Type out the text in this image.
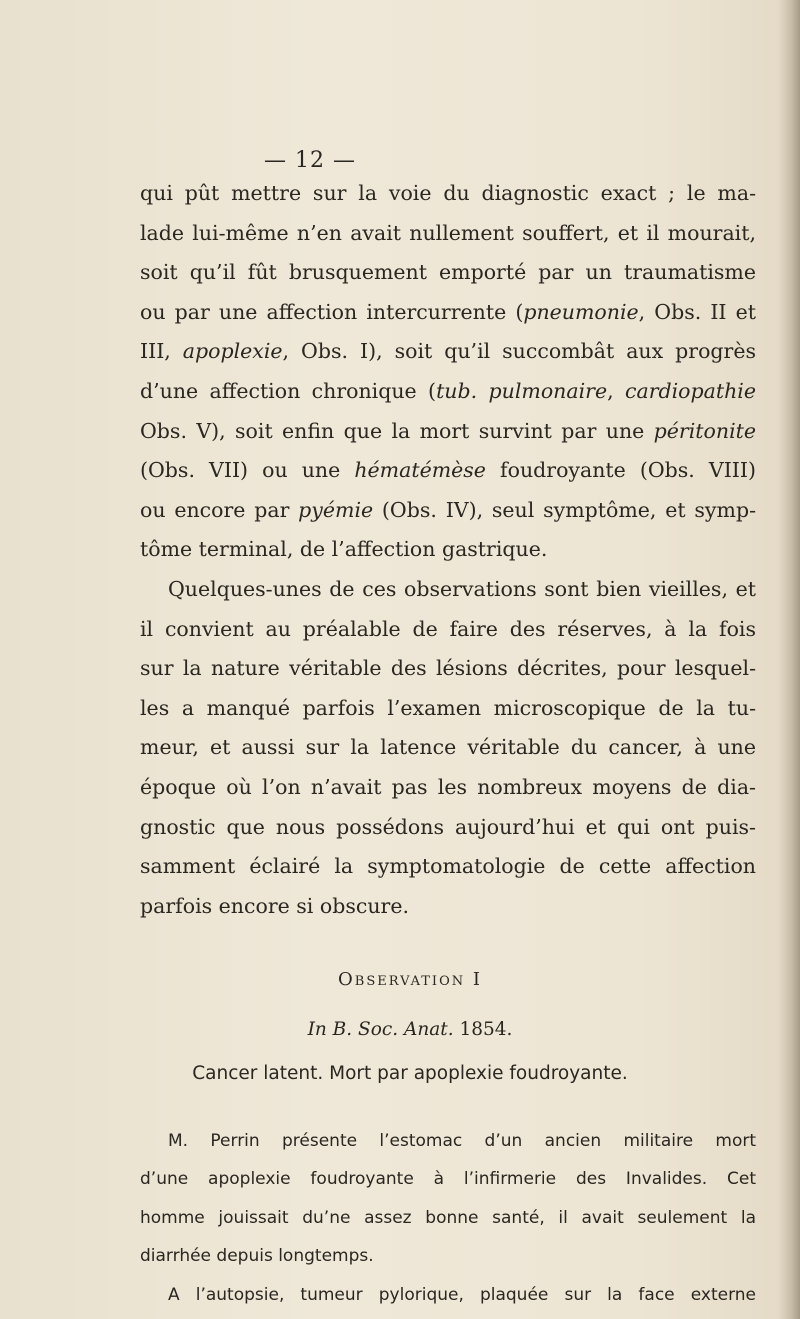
— 12 —
qui pût mettre sur la voie du diagnostic exact ; le ma-
lade lui-même n’en avait nullement souffert, et il mourait,
soit qu’il fût brusquement emporté par un traumatisme
ou par une affection intercurrente (pneumonie, Obs. II et
III, apoplexie, Obs. I), soit qu’il succombât aux progrès
d’une affection chronique (tub. pulmonaire, cardiopathie
Obs. V), soit enfin que la mort survint par une péritonite
(Obs. VII) ou une hématémèse foudroyante (Obs. VIII)
ou encore par pyémie (Obs. IV), seul symptôme, et symp-
tôme terminal, de l’affection gastrique.
Quelques-unes de ces observations sont bien vieilles, et
il convient au préalable de faire des réserves, à la fois
sur la nature véritable des lésions décrites, pour lesquel-
les a manqué parfois l’examen microscopique de la tu-
meur, et aussi sur la latence véritable du cancer, à une
époque où l’on n’avait pas les nombreux moyens de dia-
gnostic que nous possédons aujourd’hui et qui ont puis-
samment éclairé la symptomatologie de cette affection
parfois encore si obscure.
Observation I
In B. Soc. Anat. 1854.
Cancer latent. Mort par apoplexie foudroyante.
M. Perrin présente l’estomac d’un ancien militaire mort
d’une apoplexie foudroyante à l’infirmerie des Invalides. Cet
homme jouissait du’ne assez bonne santé, il avait seulement la
diarrhée depuis longtemps.
A l’autopsie, tumeur pylorique, plaquée sur la face externe
